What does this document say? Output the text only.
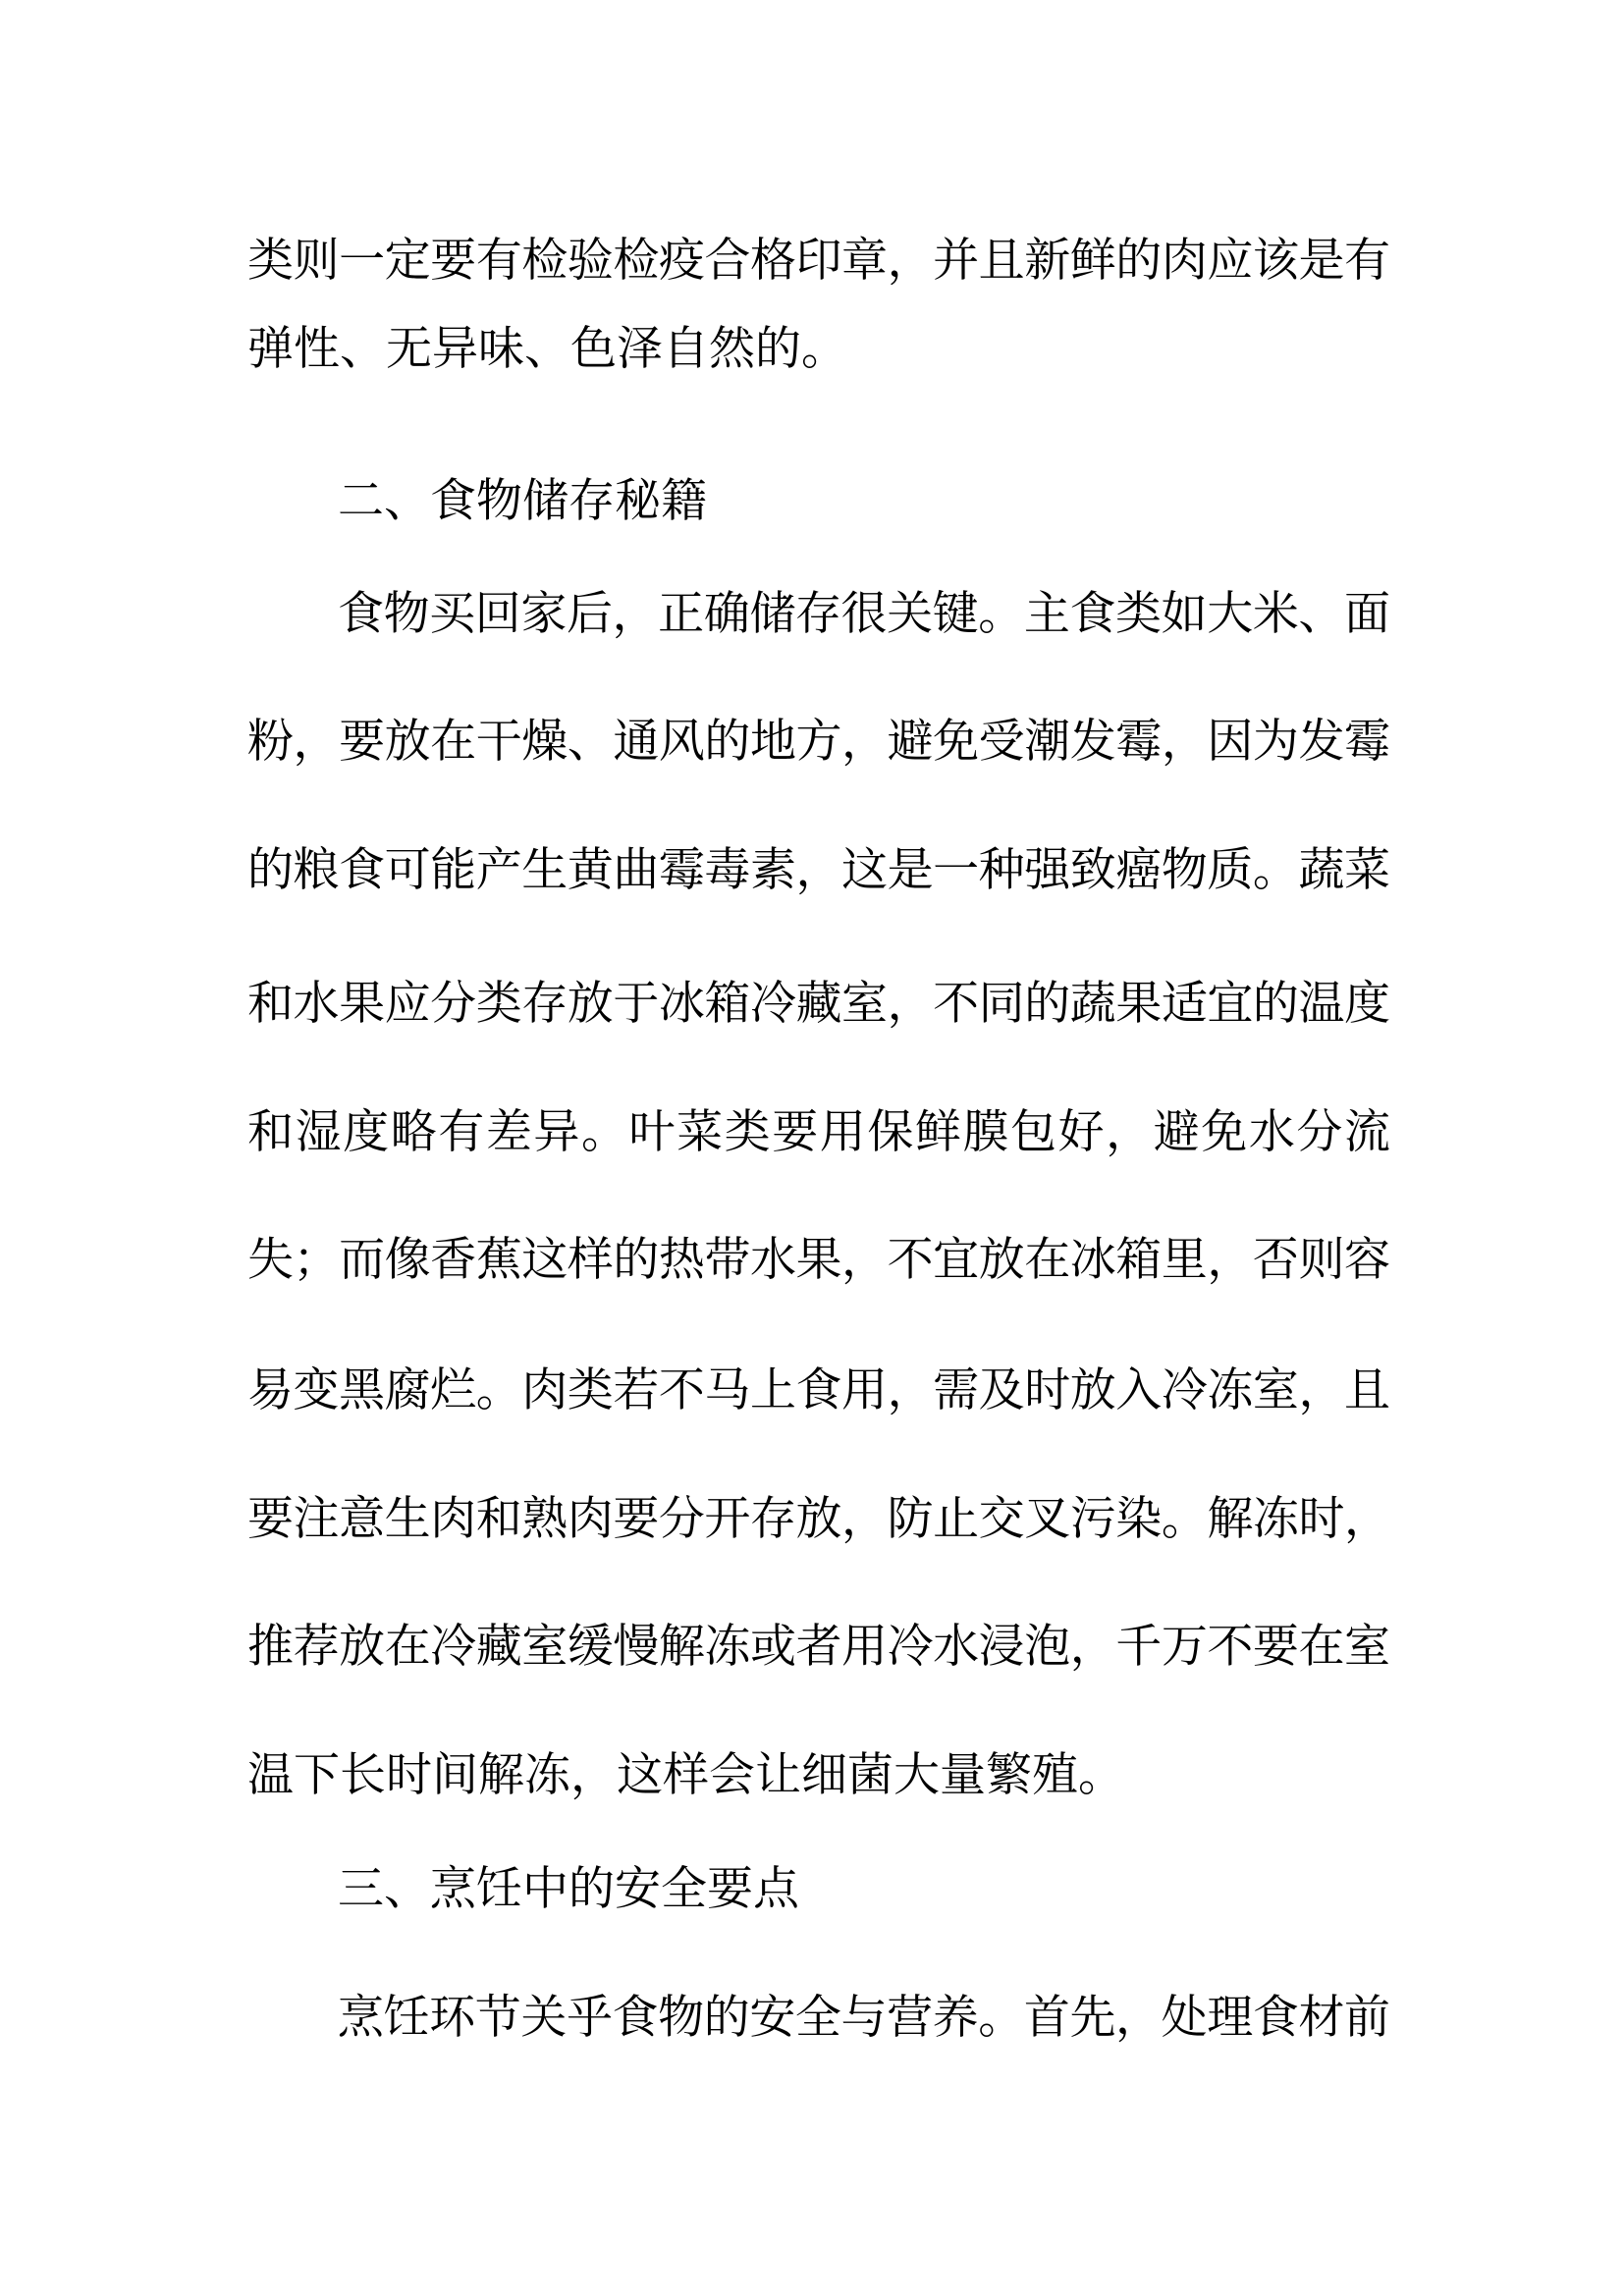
类则一定要有检验检疫合格印章，并且新鲜的肉应该是有
弹性、无异味、色泽自然的。
二、食物储存秘籍
食物买回家后，正确储存很关键。主食类如大米、面
粉，要放在干燥、通风的地方，避免受潮发霉，因为发霉
的粮食可能产生黄曲霉毒素，这是一种强致癌物质。蔬菜
和水果应分类存放于冰箱冷藏室，不同的蔬果适宜的温度
和湿度略有差异。叶菜类要用保鲜膜包好，避免水分流
失；而像香蕉这样的热带水果，不宜放在冰箱里，否则容
易变黑腐烂。肉类若不马上食用，需及时放入冷冻室，且
要注意生肉和熟肉要分开存放，防止交叉污染。解冻时，
推荐放在冷藏室缓慢解冻或者用冷水浸泡，千万不要在室
温下长时间解冻，这样会让细菌大量繁殖。
三、烹饪中的安全要点
烹饪环节关乎食物的安全与营养。首先，处理食材前
